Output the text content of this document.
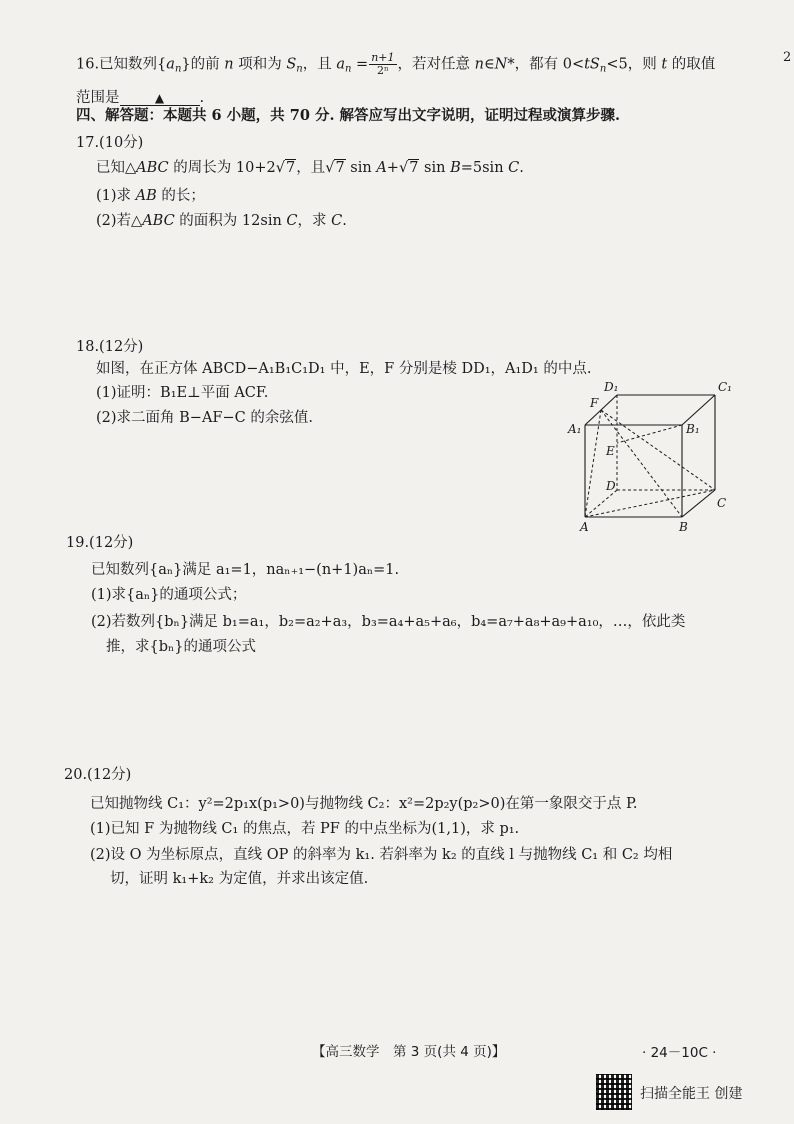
2
16.已知数列$\{a_n\}$的前 n 项和为 $S_n$，且 $a_n = \frac{n+1}{\text{2ⁿ}}$ ，若对任意 n∈N*，都有 $0<tS_n<5$，则 t 的取值
范围是	▲ .
四、解答题：本题共 6 小题，共 70 分. 解答应写出文字说明，证明过程或演算步骤.
17.(10分)
已知△ABC 的周长为 10+2√7，且√7 sin A+√7 sin B=5sin C.
(1)求 AB 的长；
(2)若△ABC 的面积为 12sin C，求 C.
18.(12分)
如图，在正方体 ABCD−A₁B₁C₁D₁ 中，E，F 分别是棱 DD₁，A₁D₁ 的中点.
(1)证明：B₁E⊥平面 ACF.
(2)求二面角 B−AF−C 的余弦值.
D₁	C₁
F
A₁	B₁
E
D
C
A	B
19.(12分)
已知数列{aₙ}满足 a₁=1，naₙ₊₁−(n+1)aₙ=1.
(1)求{aₙ}的通项公式；
(2)若数列{bₙ}满足 b₁=a₁，b₂=a₂+a₃，b₃=a₄+a₅+a₆，b₄=a₇+a₈+a₉+a₁₀，…，依此类
推，求{bₙ}的通项公式
20.(12分)
已知抛物线 C₁：y²=2p₁x(p₁>0)与抛物线 C₂：x²=2p₂y(p₂>0)在第一象限交于点 P.
(1)已知 F 为抛物线 C₁ 的焦点，若 PF 的中点坐标为(1,1)，求 p₁.
(2)设 O 为坐标原点，直线 OP 的斜率为 k₁. 若斜率为 k₂ 的直线 l 与抛物线 C₁ 和 C₂ 均相
切，证明 k₁+k₂ 为定值，并求出该定值.
【高三数学　第 3 页(共 4 页)】	· 24－10C ·
扫描全能王 创建
